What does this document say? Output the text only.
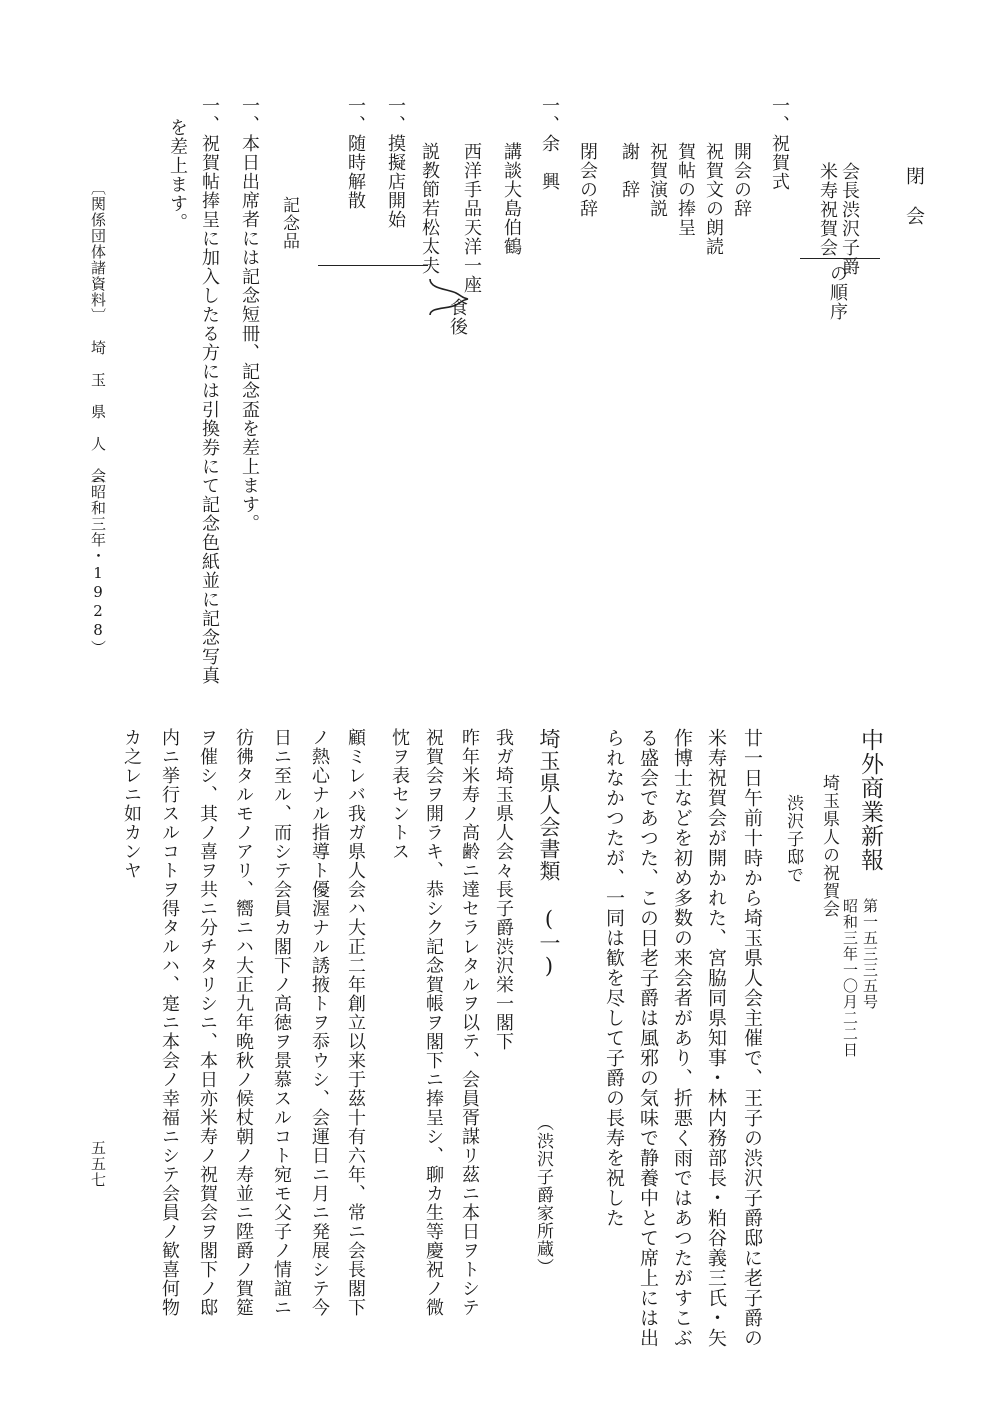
閉　会
会長渋沢子爵
米寿祝賀会
の順序
一、祝賀式
開会の辞
祝賀文の朗読
賀帖の捧呈
祝賀演説
謝　辞
閉会の辞
一、余　興
講談大島伯鶴
西洋手品天洋一座
説教節若松太夫
食後
一、摸擬店開始
一、随時解散
記念品
一、本日出席者には記念短冊、記念盃を差上ます。
一、祝賀帖捧呈に加入したる方には引換券にて記念色紙並に記念写真
を差上ます。
〔関係団体諸資料〕
埼　玉　県　人　会
（昭和三年・1928）
中外商業新報
第一五三三五号
昭和三年一〇月二二日
埼玉県人の祝賀会
渋沢子邸で
廿一日午前十時から埼玉県人会主催で、王子の渋沢子爵邸に老子爵の
米寿祝賀会が開かれた、宮脇同県知事・林内務部長・粕谷義三氏・矢
作博士などを初め多数の来会者があり、折悪く雨ではあつたがすこぶ
る盛会であつた、この日老子爵は風邪の気味で静養中とて席上には出
られなかつたが、一同は歓を尽して子爵の長寿を祝した
埼玉県人会書類 (一)
（渋沢子爵家所蔵）
我ガ埼玉県人会々長子爵渋沢栄一閣下
昨年米寿ノ高齢ニ達セラレタルヲ以テ、会員胥謀リ茲ニ本日ヲトシテ
祝賀会ヲ開ラキ、恭シク記念賀帳ヲ閣下ニ捧呈シ、聊カ生等慶祝ノ微
忱ヲ表セントス
顧ミレバ我ガ県人会ハ大正二年創立以来于茲十有六年、常ニ会長閣下
ノ熱心ナル指導ト優渥ナル誘掖トヲ忝ウシ、会運日ニ月ニ発展シテ今
日ニ至ル、而シテ会員カ閣下ノ高徳ヲ景慕スルコト宛モ父子ノ情誼ニ
彷彿タルモノアリ、嚮ニハ大正九年晩秋ノ候杖朝ノ寿並ニ陞爵ノ賀筵
ヲ催シ、其ノ喜ヲ共ニ分チタリシニ、本日亦米寿ノ祝賀会ヲ閣下ノ邸
内ニ挙行スルコトヲ得タルハ、寔ニ本会ノ幸福ニシテ会員ノ歓喜何物
カ之レニ如カンヤ
五五七
